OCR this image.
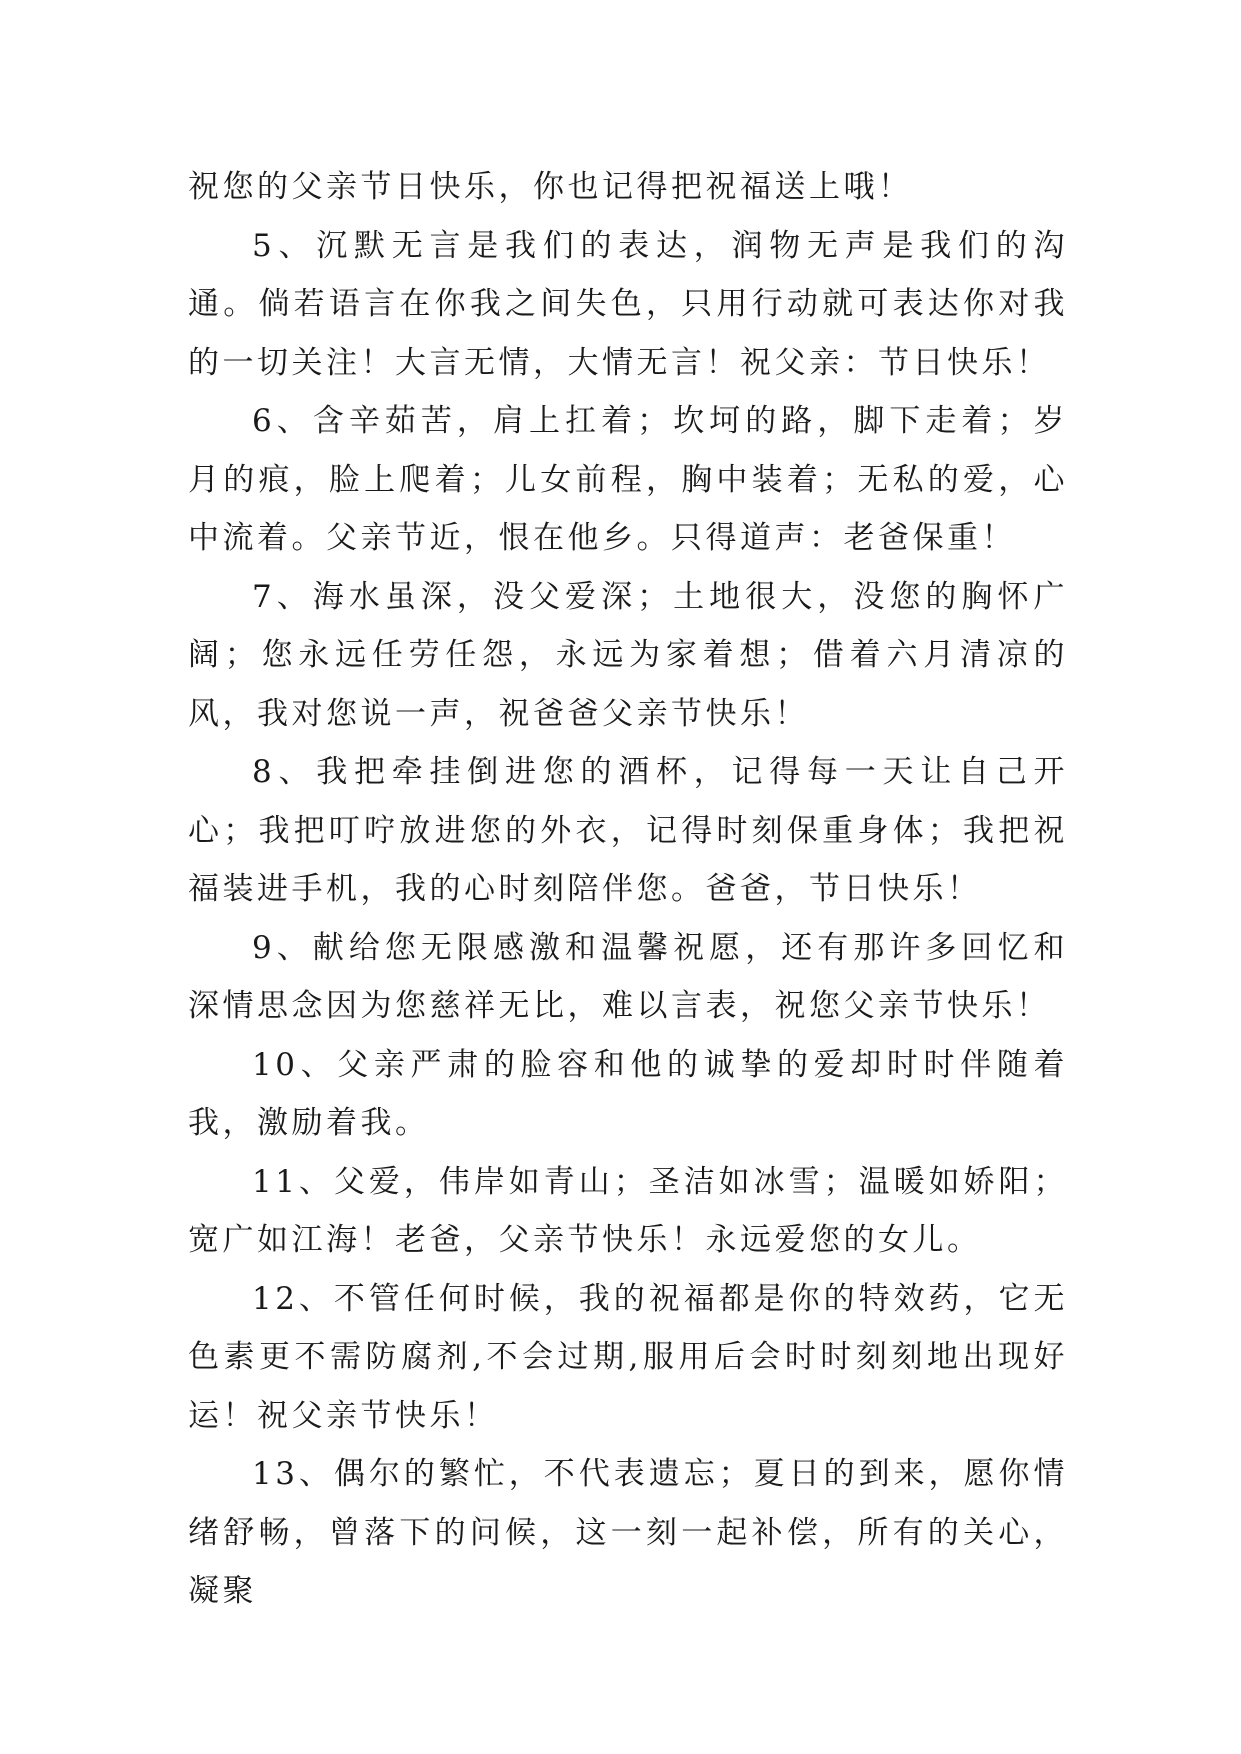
祝您的父亲节日快乐，你也记得把祝福送上哦！

5、沉默无言是我们的表达，润物无声是我们的沟通。倘若语言在你我之间失色，只用行动就可表达你对我的一切关注！大言无情，大情无言！祝父亲：节日快乐！

6、含辛茹苦，肩上扛着；坎坷的路，脚下走着；岁月的痕，脸上爬着；儿女前程，胸中装着；无私的爱，心中流着。父亲节近，恨在他乡。只得道声：老爸保重！

7、海水虽深，没父爱深；土地很大，没您的胸怀广阔；您永远任劳任怨，永远为家着想；借着六月清凉的风，我对您说一声，祝爸爸父亲节快乐！

8、我把牵挂倒进您的酒杯，记得每一天让自己开心；我把叮咛放进您的外衣，记得时刻保重身体；我把祝福装进手机，我的心时刻陪伴您。爸爸，节日快乐！

9、献给您无限感激和温馨祝愿，还有那许多回忆和深情思念因为您慈祥无比，难以言表，祝您父亲节快乐！

10、父亲严肃的脸容和他的诚挚的爱却时时伴随着我，激励着我。

11、父爱，伟岸如青山；圣洁如冰雪；温暖如娇阳；宽广如江海！老爸，父亲节快乐！永远爱您的女儿。

12、不管任何时候，我的祝福都是你的特效药，它无色素更不需防腐剂,不会过期,服用后会时时刻刻地出现好运！祝父亲节快乐！

13、偶尔的繁忙，不代表遗忘；夏日的到来，愿你情绪舒畅，曾落下的问候，这一刻一起补偿，所有的关心，凝聚
